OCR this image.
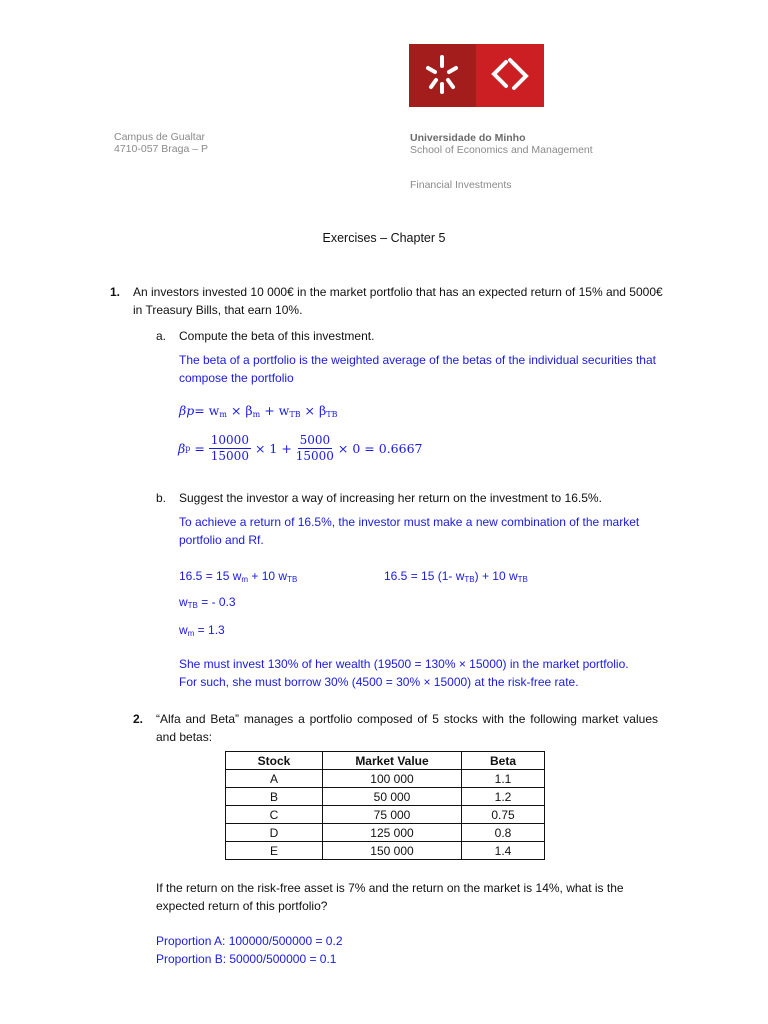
Campus de Gualtar
4710-057 Braga – P
Universidade do Minho
School of Economics and Management
Financial Investments
Exercises – Chapter 5
1. An investors invested 10 000€ in the market portfolio that has an expected return of 15% and 5000€ in Treasury Bills, that earn 10%.
a. Compute the beta of this investment.
The beta of a portfolio is the weighted average of the betas of the individual securities that compose the portfolio
$\beta p= w_m \times \beta_m + w_{TB} \times \beta_{TB}$
β $p = \frac{10000}{15000} \times 1 + \frac{5000}{15000} \times 0 = 0.6667$
b. Suggest the investor a way of increasing her return on the investment to 16.5%.
To achieve a return of 16.5%, the investor must make a new combination of the market portfolio and Rf.
16.5 = 15 $w_m + 10$ $w_{TB}$	16.5 = 15 (1- $w_{TB}) + 10$ $w_{TB}$
$w_{TB}$ = - 0.3
$w_m = 1.3$
She must invest 130% of her wealth (19500 = 130% × 15000) in the market portfolio.
For such, she must borrow 30% (4500 = 30% × 15000) at the risk-free rate.
2. “Alfa and Beta” manages a portfolio composed of 5 stocks with the following market values and betas:
Stock	Market Value	Beta
A	100 000	1.1
B	50 000	1.2
C	75 000	0.75
D	125 000	0.8
E	150 000	1.4
If the return on the risk-free asset is 7% and the return on the market is 14%, what is the expected return of this portfolio?
Proportion A: 100000/500000 = 0.2
Proportion B: 50000/500000 = 0.1
